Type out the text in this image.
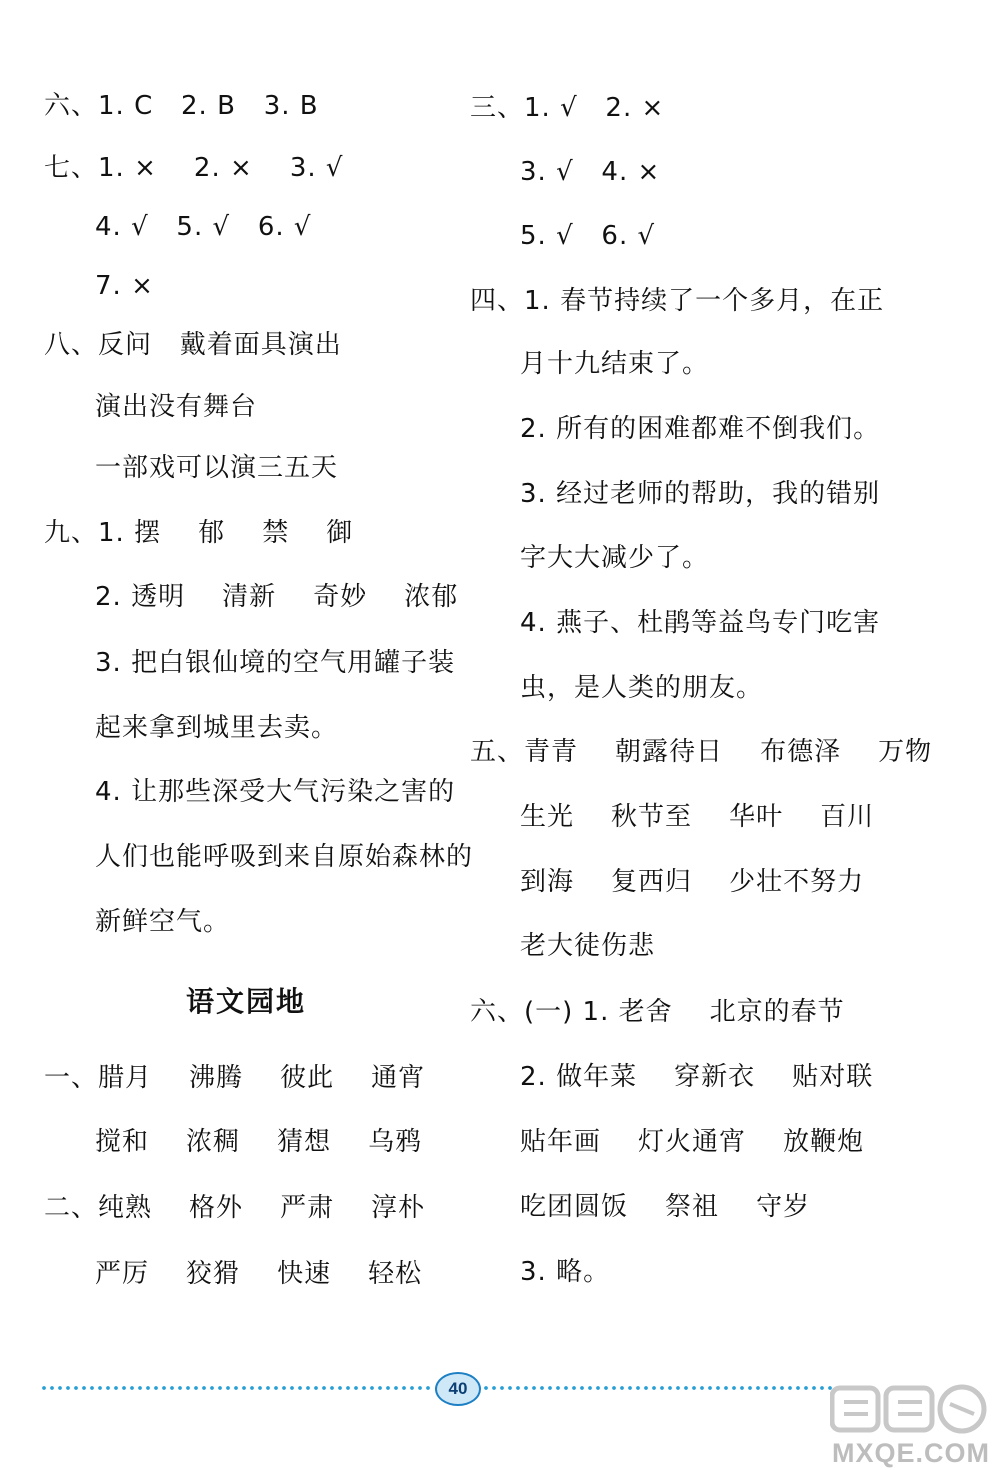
六、1. C   2. B   3. B
七、1. ×    2. ×    3. √
4. √   5. √   6. √
7. ×
八、反问   戴着面具演出
演出没有舞台
一部戏可以演三五天
九、1. 摆    郁    禁    御
2. 透明    清新    奇妙    浓郁
3. 把白银仙境的空气用罐子装
起来拿到城里去卖。
4. 让那些深受大气污染之害的
人们也能呼吸到来自原始森林的
新鲜空气。
语文园地
一、腊月    沸腾    彼此    通宵
搅和    浓稠    猜想    乌鸦
二、纯熟    格外    严肃    淳朴
严厉    狡猾    快速    轻松
三、1. √   2. ×
3. √   4. ×
5. √   6. √
四、1. 春节持续了一个多月，在正
月十九结束了。
2. 所有的困难都难不倒我们。
3. 经过老师的帮助，我的错别
字大大减少了。
4. 燕子、杜鹃等益鸟专门吃害
虫，是人类的朋友。
五、青青    朝露待日    布德泽    万物
生光    秋节至    华叶    百川
到海    复西归    少壮不努力
老大徒伤悲
六、(一) 1. 老舍    北京的春节
2. 做年菜    穿新衣    贴对联
贴年画    灯火通宵    放鞭炮
吃团圆饭    祭祖    守岁
3. 略。
40
MXQE.COM
